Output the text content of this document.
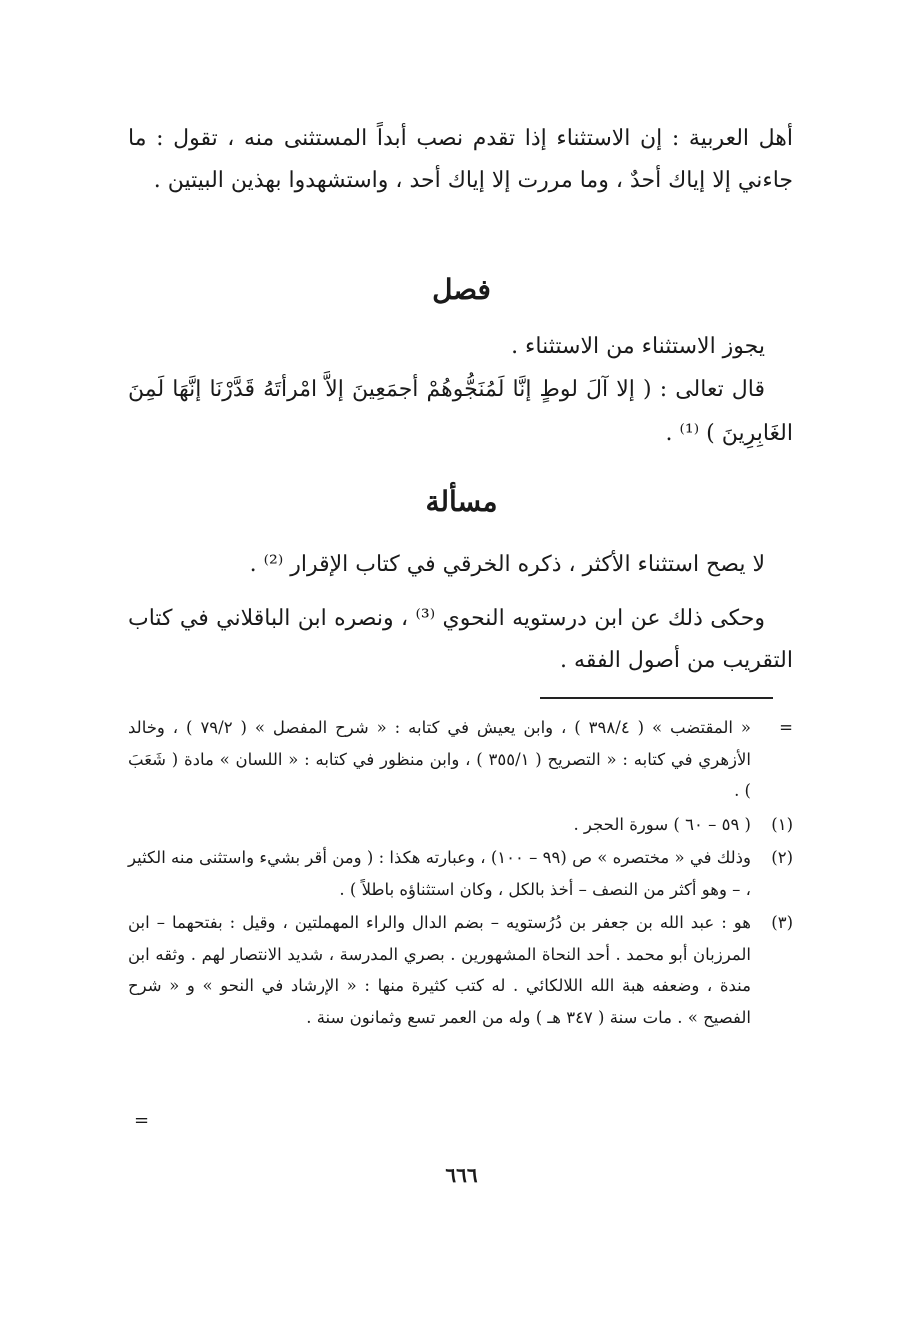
أهل العربية : إن الاستثناء إذا تقدم نصب أبداً المستثنى منه ، تقول : ما جاءني إلا إياك أحدٌ ، وما مررت إلا إياك أحد ، واستشهدوا بهذين البيتين .
فصل
يجوز الاستثناء من الاستثناء .
قال تعالى : ( إلا آلَ لوطٍ إنَّا لَمُنَجُّوهُمْ أجمَعِينَ إلاَّ امْرأتَهُ قَدَّرْنَا إنَّهَا لَمِنَ الغَابِرِينَ ) ⁽¹⁾ .
مسألة
لا يصح استثناء الأكثر ، ذكره الخرقي في كتاب الإقرار ⁽²⁾ .
وحكى ذلك عن ابن درستويه النحوي ⁽³⁾ ، ونصره ابن الباقلاني في كتاب التقريب من أصول الفقه .
=
« المقتضب » ( ٣٩٨/٤ ) ، وابن يعيش في كتابه : « شرح المفصل » ( ٧٩/٢ ) ، وخالد الأزهري في كتابه : « التصريح ( ٣٥٥/١ ) ، وابن منظور في كتابه : « اللسان » مادة ( شَعَبَ ) .
(١)
( ٥٩ – ٦٠ ) سورة الحجر .
(٢)
وذلك في « مختصره » ص (٩٩ – ١٠٠) ، وعبارته هكذا : ( ومن أقر بشيء واستثنى منه الكثير ، – وهو أكثر من النصف – أخذ بالكل ، وكان استثناؤه باطلاً ) .
(٣)
هو : عبد الله بن جعفر بن دُرُستويه – بضم الدال والراء المهملتين ، وقيل : بفتحهما – ابن المرزبان أبو محمد . أحد النحاة المشهورين . بصري المدرسة ، شديد الانتصار لهم . وثقه ابن مندة ، وضعفه هبة الله اللالكائي . له كتب كثيرة منها : « الإرشاد في النحو » و « شرح الفصيح » . مات سنة ( ٣٤٧ هـ ) وله من العمر تسع وثمانون سنة .
=
٦٦٦
